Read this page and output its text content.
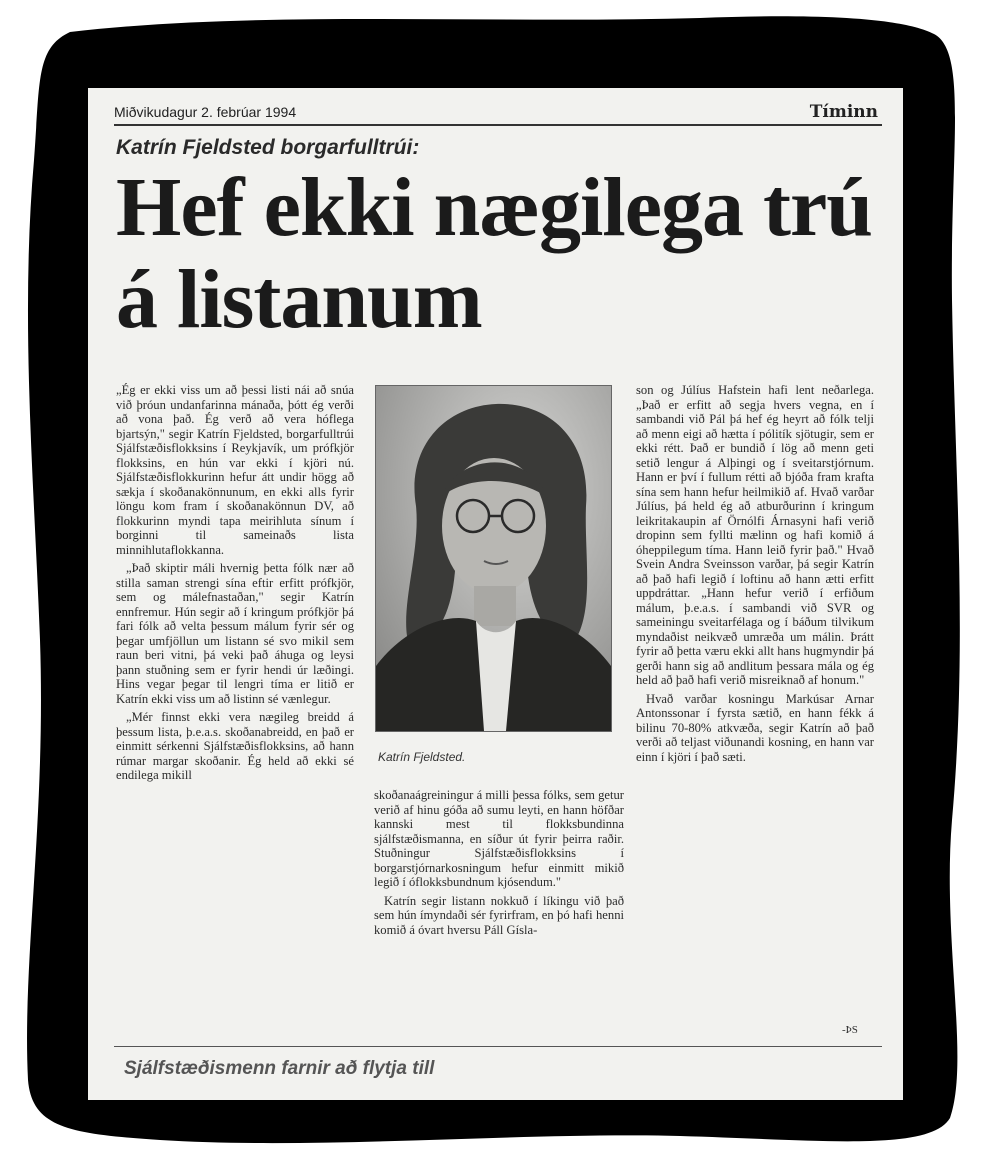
Miðvikudagur 2. febrúar 1994	Tíminn
Katrín Fjeldsted borgarfulltrúi:
Hef ekki nægilega trú á listanum

„Ég er ekki viss um að þessi listi nái að snúa við þróun undanfarinna mánaða, þótt ég verði að vona það. Ég verð að vera hóflega bjartsýn," segir Katrín Fjeldsted, borgarfulltrúi Sjálfstæðisflokksins í Reykjavík, um prófkjör flokksins, en hún var ekki í kjöri nú. Sjálfstæðisflokkurinn hefur átt undir högg að sækja í skoðanakönnunum, en ekki alls fyrir löngu kom fram í skoðanakönnun DV, að flokkurinn myndi tapa meirihluta sínum í borginni til sameinaðs lista minnihlutaflokkanna.

„Það skiptir máli hvernig þetta fólk nær að stilla saman strengi sína eftir erfitt prófkjör, sem og málefnastaðan," segir Katrín ennfremur. Hún segir að í kringum prófkjör þá fari fólk að velta þessum málum fyrir sér og þegar umfjöllun um listann sé svo mikil sem raun beri vitni, þá veki það áhuga og leysi þann stuðning sem er fyrir hendi úr læðingi. Hins vegar þegar til lengri tíma er litið er Katrín ekki viss um að listinn sé vænlegur.

„Mér finnst ekki vera nægileg breidd á þessum lista, þ.e.a.s. skoðanabreidd, en það er einmitt sérkenni Sjálfstæðisflokksins, að hann rúmar margar skoðanir. Ég held að ekki sé endilega mikill

Katrín Fjeldsted.

skoðanaágreiningur á milli þessa fólks, sem getur verið af hinu góða að sumu leyti, en hann höfðar kannski mest til flokksbundinna sjálfstæðismanna, en síður út fyrir þeirra raðir. Stuðningur Sjálfstæðisflokksins í borgarstjórnarkosningum hefur einmitt mikið legið í óflokksbundnum kjósendum."

Katrín segir listann nokkuð í líkingu við það sem hún ímyndaði sér fyrirfram, en þó hafi henni komið á óvart hversu Páll Gísla-

son og Júlíus Hafstein hafi lent neðarlega. „Það er erfitt að segja hvers vegna, en í sambandi við Pál þá hef ég heyrt að fólk telji að menn eigi að hætta í pólitík sjötugir, sem er ekki rétt. Það er bundið í lög að menn geti setið lengur á Alþingi og í sveitarstjórnum. Hann er því í fullum rétti að bjóða fram krafta sína sem hann hefur heilmikið af. Hvað varðar Júlíus, þá held ég að atburðurinn í kringum leikritakaupin af Örnólfi Árnasyni hafi verið dropinn sem fyllti mælinn og hafi komið á óheppilegum tíma. Hann leið fyrir það." Hvað Svein Andra Sveinsson varðar, þá segir Katrín að það hafi legið í loftinu að hann ætti erfitt uppdráttar. „Hann hefur verið í erfiðum málum, þ.e.a.s. í sambandi við SVR og sameiningu sveitarfélaga og í báðum tilvikum myndaðist neikvæð umræða um málin. Þrátt fyrir að þetta væru ekki allt hans hugmyndir þá gerði hann sig að andlitum þessara mála og ég held að það hafi verið misreiknað af honum."

Hvað varðar kosningu Markúsar Arnar Antonssonar í fyrsta sætið, en hann fékk á bilinu 70-80% atkvæða, segir Katrín að það verði að teljast viðunandi kosning, en hann var einn í kjöri í það sæti.

-ÞS
Sjálfstæðismenn farnir að flytja till
